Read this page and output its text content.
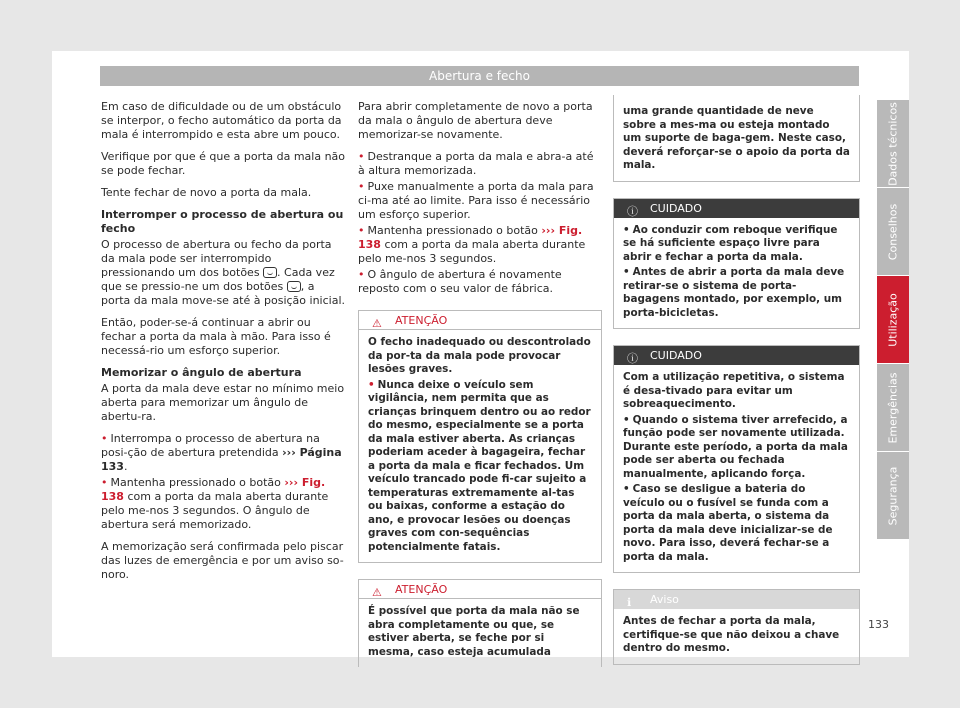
Abertura e fecho

Em caso de dificuldade ou de um obstáculo se interpor, o fecho automático da porta da mala é interrompido e esta abre um pouco.

Verifique por que é que a porta da mala não se pode fechar.

Tente fechar de novo a porta da mala.

Interromper o processo de abertura ou fecho

O processo de abertura ou fecho da porta da mala pode ser interrompido pressionando um dos botões . Cada vez que se pressio-ne um dos botões , a porta da mala move-se até à posição inicial.

Então, poder-se-á continuar a abrir ou fechar a porta da mala à mão. Para isso é necessá-rio um esforço superior.

Memorizar o ângulo de abertura

A porta da mala deve estar no mínimo meio aberta para memorizar um ângulo de abertu-ra.

• Interrompa o processo de abertura na posi-ção de abertura pretendida ››› Página 133.

• Mantenha pressionado o botão ››› Fig. 138 com a porta da mala aberta durante pelo me-nos 3 segundos. O ângulo de abertura será memorizado.

A memorização será confirmada pelo piscar das luzes de emergência e por um aviso so-noro.

Para abrir completamente de novo a porta da mala o ângulo de abertura deve memorizar-se novamente.

• Destranque a porta da mala e abra-a até à altura memorizada.

• Puxe manualmente a porta da mala para ci-ma até ao limite. Para isso é necessário um esforço superior.

• Mantenha pressionado o botão ››› Fig. 138 com a porta da mala aberta durante pelo me-nos 3 segundos.

• O ângulo de abertura é novamente reposto com o seu valor de fábrica.

⚠ ATENÇÃO

O fecho inadequado ou descontrolado da por-ta da mala pode provocar lesões graves.

• Nunca deixe o veículo sem vigilância, nem permita que as crianças brinquem dentro ou ao redor do mesmo, especialmente se a porta da mala estiver aberta. As crianças poderiam aceder à bagageira, fechar a porta da mala e ficar fechados. Um veículo trancado pode fi-car sujeito a temperaturas extremamente al-tas ou baixas, conforme a estação do ano, e provocar lesões ou doenças graves com con-sequências potencialmente fatais.

⚠ ATENÇÃO

É possível que porta da mala não se abra completamente ou que, se estiver aberta, se feche por si mesma, caso esteja acumulada

uma grande quantidade de neve sobre a mes-ma ou esteja montado um suporte de baga-gem. Neste caso, deverá reforçar-se o apoio da porta da mala.

ⓘ CUIDADO

• Ao conduzir com reboque verifique se há suficiente espaço livre para abrir e fechar a porta da mala.

• Antes de abrir a porta da mala deve retirar-se o sistema de porta-bagagens montado, por exemplo, um porta-bicicletas.

ⓘ CUIDADO

Com a utilização repetitiva, o sistema é desa-tivado para evitar um sobreaquecimento.

• Quando o sistema tiver arrefecido, a função pode ser novamente utilizada. Durante este período, a porta da mala pode ser aberta ou fechada manualmente, aplicando força.

• Caso se desligue a bateria do veículo ou o fusível se funda com a porta da mala aberta, o sistema da porta da mala deve inicializar-se de novo. Para isso, deverá fechar-se a porta da mala.

ℹ Aviso

Antes de fechar a porta da mala, certifique-se que não deixou a chave dentro do mesmo.

Dados técnicos
Conselhos
Utilização
Emergências
Segurança
133
